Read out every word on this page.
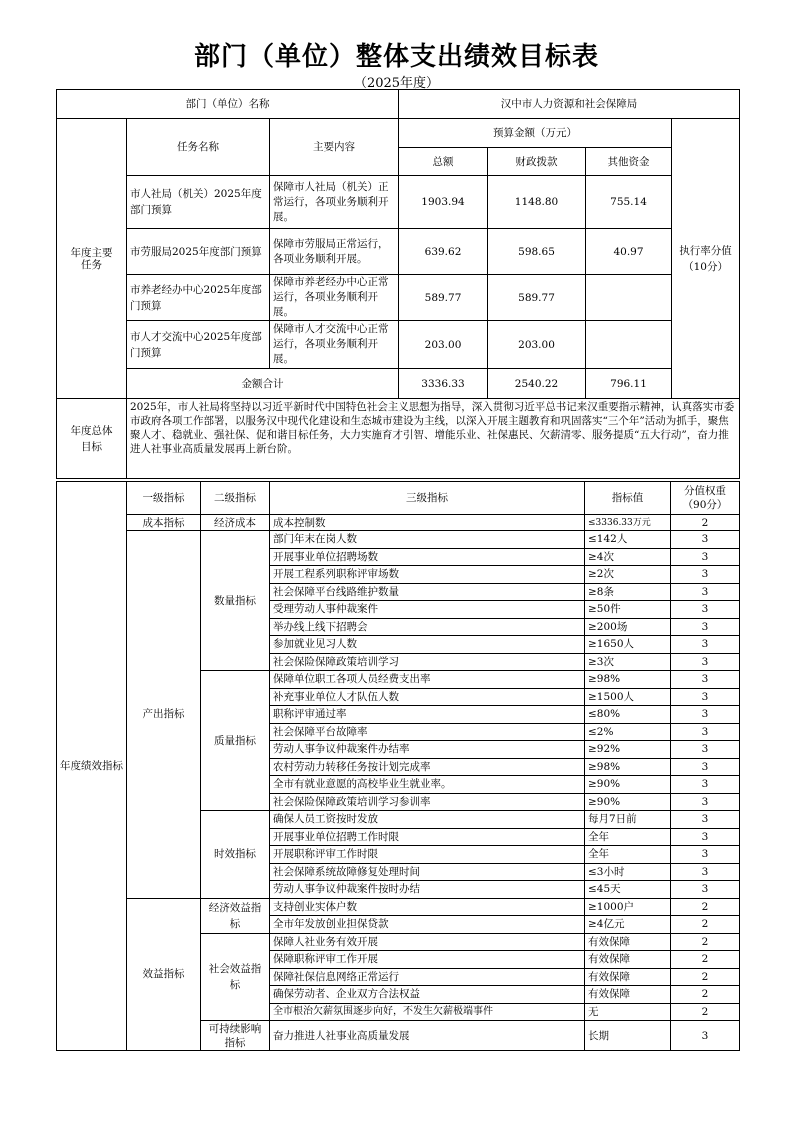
部门（单位）整体支出绩效目标表
（2025年度）
部门（单位）名称			汉中市人力资源和社会保障局			
年度主要任务	任务名称	主要内容	预算金额（万元）			执行率分值（10分）
			总额	财政拨款	其他资金	
	市人社局（机关）2025年度部门预算	保障市人社局（机关）正常运行，各项业务顺利开展。	1903.94	1148.80	755.14	
	市劳服局2025年度部门预算	保障市劳服局正常运行，各项业务顺利开展。	639.62	598.65	40.97	
	市养老经办中心2025年度部门预算	保障市养老经办中心正常运行，各项业务顺利开展。	589.77	589.77		
	市人才交流中心2025年度部门预算	保障市人才交流中心正常运行，各项业务顺利开展。	203.00	203.00		
	金额合计		3336.33	2540.22	796.11	
年度总体目标	2025年，市人社局将坚持以习近平新时代中国特色社会主义思想为指导，深入贯彻习近平总书记来汉重要指示精神，认真落实市委市政府各项工作部署，以服务汉中现代化建设和生态城市建设为主线，以深入开展主题教育和巩固落实“三个年”活动为抓手，聚焦聚人才、稳就业、强社保、促和谐目标任务，大力实施育才引智、增能乐业、社保惠民、欠薪清零、服务提质“五大行动”，奋力推进人社事业高质量发展再上新台阶。					
年度绩效指标	一级指标	二级指标	三级指标	指标值	分值权重（90分）
	成本指标	经济成本	成本控制数	≤3336.33万元	2
	产出指标	数量指标	部门年末在岗人数	≤142人	3
			开展事业单位招聘场数	≥4次	3
			开展工程系列职称评审场数	≥2次	3
			社会保障平台线路维护数量	≥8条	3
			受理劳动人事仲裁案件	≥50件	3
			举办线上线下招聘会	≥200场	3
			参加就业见习人数	≥1650人	3
			社会保险保障政策培训学习	≥3次	3
		质量指标	保障单位职工各项人员经费支出率	≥98%	3
			补充事业单位人才队伍人数	≥1500人	3
			职称评审通过率	≤80%	3
			社会保障平台故障率	≤2%	3
			劳动人事争议仲裁案件办结率	≥92%	3
			农村劳动力转移任务按计划完成率	≥98%	3
			全市有就业意愿的高校毕业生就业率。	≥90%	3
			社会保险保障政策培训学习参训率	≥90%	3
		时效指标	确保人员工资按时发放	每月7日前	3
			开展事业单位招聘工作时限	全年	3
			开展职称评审工作时限	全年	3
			社会保障系统故障修复处理时间	≤3小时	3
			劳动人事争议仲裁案件按时办结	≤45天	3
	效益指标	经济效益指标	支持创业实体户数	≥1000户	2
			全市年发放创业担保贷款	≥4亿元	2
		社会效益指标	保障人社业务有效开展	有效保障	2
			保障职称评审工作开展	有效保障	2
			保障社保信息网络正常运行	有效保障	2
			确保劳动者、企业双方合法权益	有效保障	2
			全市根治欠薪氛围逐步向好，不发生欠薪极端事件	无	2
		可持续影响指标	奋力推进人社事业高质量发展	长期	3
